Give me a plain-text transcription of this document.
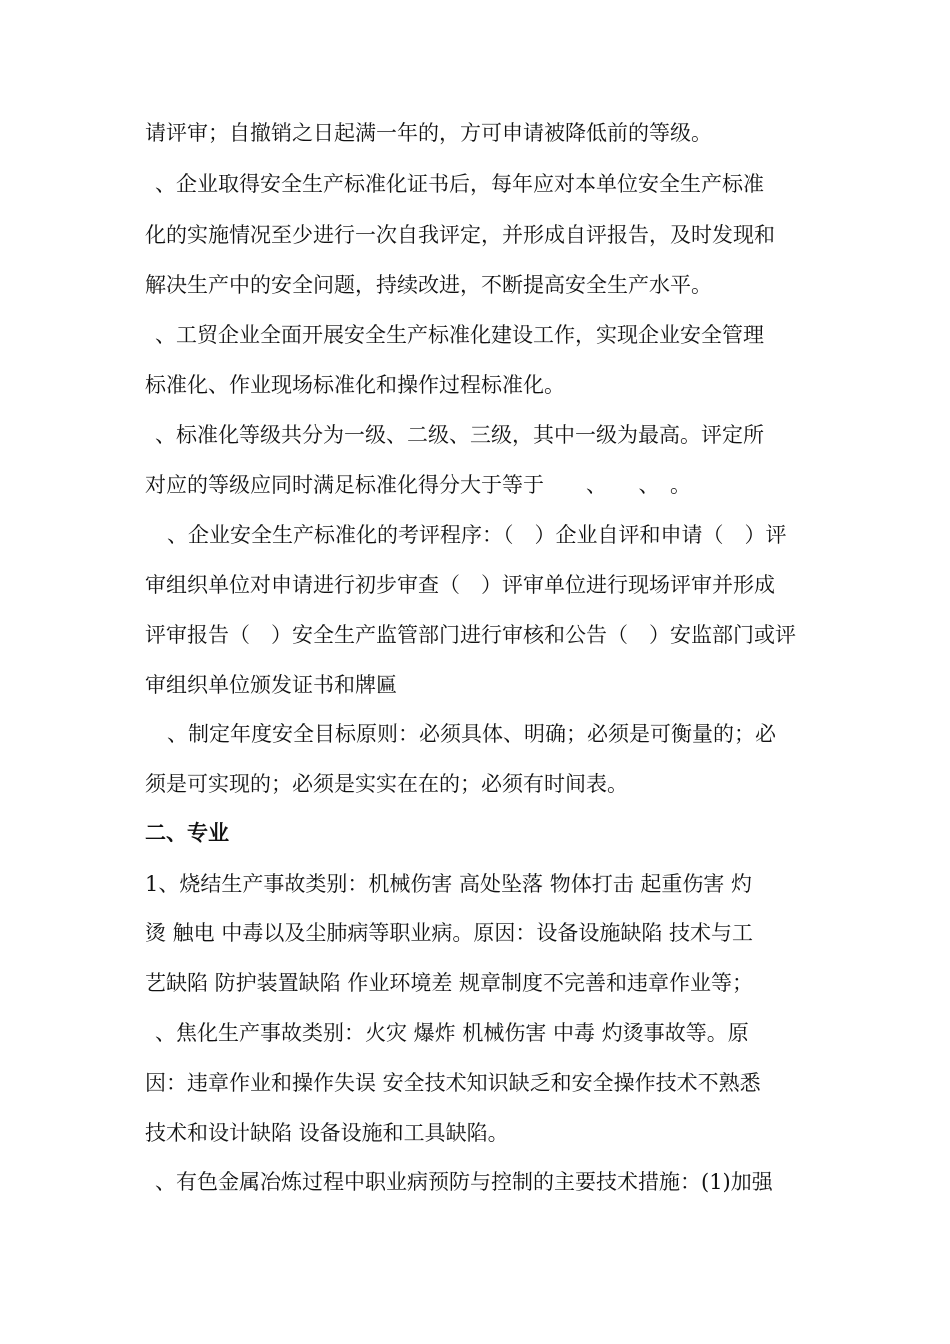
请评审；自撤销之日起满一年的，方可申请被降低前的等级。
、企业取得安全生产标准化证书后，每年应对本单位安全生产标准
化的实施情况至少进行一次自我评定，并形成自评报告，及时发现和
解决生产中的安全问题，持续改进，不断提高安全生产水平。
、工贸企业全面开展安全生产标准化建设工作，实现企业安全管理
标准化、作业现场标准化和操作过程标准化。
、标准化等级共分为一级、二级、三级，其中一级为最高。评定所
对应的等级应同时满足标准化得分大于等于　　、　　、　。
、企业安全生产标准化的考评程序：（　）企业自评和申请（　）评
审组织单位对申请进行初步审查（　）评审单位进行现场评审并形成
评审报告（　）安全生产监管部门进行审核和公告（　）安监部门或评
审组织单位颁发证书和牌匾
、制定年度安全目标原则：必须具体、明确；必须是可衡量的；必
须是可实现的；必须是实实在在的；必须有时间表。
二、专业
1、烧结生产事故类别：机械伤害 高处坠落 物体打击 起重伤害 灼
烫 触电 中毒以及尘肺病等职业病。原因：设备设施缺陷 技术与工
艺缺陷 防护装置缺陷 作业环境差 规章制度不完善和违章作业等；
、焦化生产事故类别：火灾 爆炸 机械伤害 中毒 灼烫事故等。原
因：违章作业和操作失误 安全技术知识缺乏和安全操作技术不熟悉
技术和设计缺陷 设备设施和工具缺陷。
、有色金属冶炼过程中职业病预防与控制的主要技术措施：(1)加强
